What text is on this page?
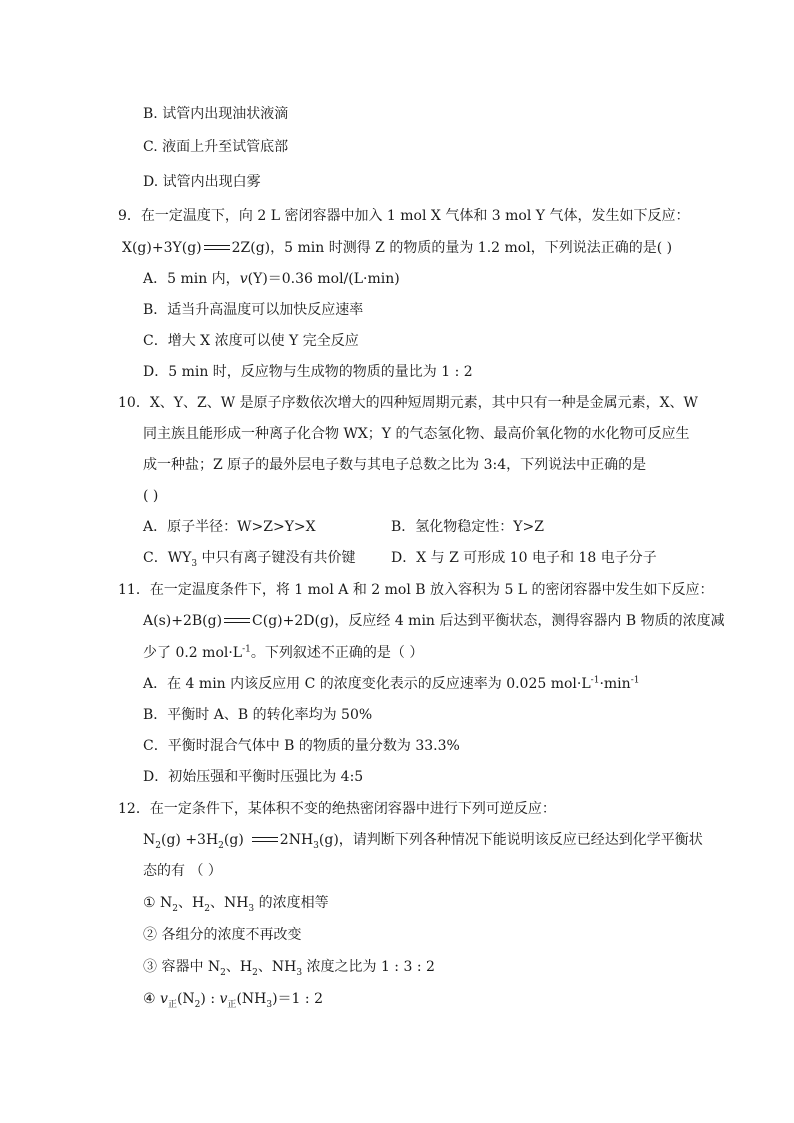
B. 试管内出现油状液滴
C. 液面上升至试管底部
D. 试管内出现白雾
9．在一定温度下，向 2 L 密闭容器中加入 1 mol X 气体和 3 mol Y 气体，发生如下反应：
X(g)+3Y(g) 2Z(g)，5 min 时测得 Z 的物质的量为 1.2 mol，下列说法正确的是( )
A．5 min 内，v(Y)＝0.36 mol/(L·min)
B．适当升高温度可以加快反应速率
C．增大 X 浓度可以使 Y 完全反应
D．5 min 时，反应物与生成物的物质的量比为 1 : 2
10．X、Y、Z、W 是原子序数依次增大的四种短周期元素，其中只有一种是金属元素，X、W
同主族且能形成一种离子化合物 WX；Y 的气态氢化物、最高价氧化物的水化物可反应生
成一种盐；Z 原子的最外层电子数与其电子总数之比为 3:4，下列说法中正确的是
( )
A．原子半径：W>Z>Y>X	B．氢化物稳定性：Y>Z
C．$WY_3$ 中只有离子键没有共价键	D．X 与 Z 可形成 10 电子和 18 电子分子
11．在一定温度条件下，将 1 mol A 和 2 mol B 放入容积为 5 L 的密闭容器中发生如下反应：
A(s)+2B(g) C(g)+2D(g)，反应经 4 min 后达到平衡状态，测得容器内 B 物质的浓度减
少了 0.2 $mol\cdot L^{-1}$。下列叙述不正确的是（ ）
A．在 4 min 内该反应用 C 的浓度变化表示的反应速率为 0.025 $mol\cdot L^{-1}\cdot\min^{-1}$
B．平衡时 A、B 的转化率均为 50%
C．平衡时混合气体中 B 的物质的量分数为 33.3%
D．初始压强和平衡时压强比为 4:5
12．在一定条件下，某体积不变的绝热密闭容器中进行下列可逆反应：
$N_2(g) +3H_2(g)$	$2NH_3(g)$，请判断下列各种情况下能说明该反应已经达到化学平衡状
态的有 （ ）
① $N_2$、$H_2$、$NH_3$ 的浓度相等
② 各组分的浓度不再改变
③ 容器中 $N_2$、$H_2$、$NH_3$ 浓度之比为 1 : 3 : 2
④ $v_正(N_2)$ : $v_正(NH_3)=1$ : 2
